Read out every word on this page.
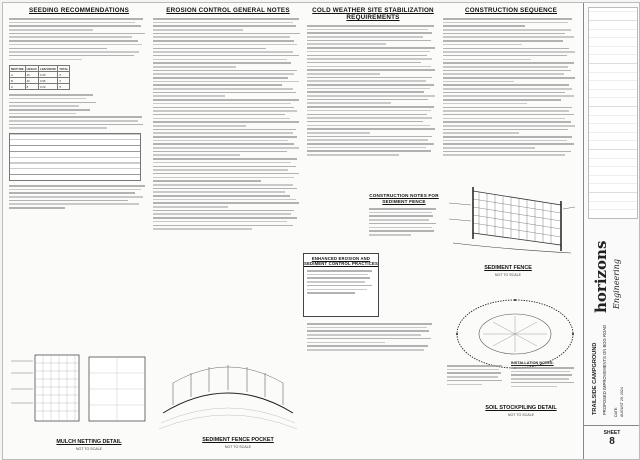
SEEDING RECOMMENDATIONS
MIXTURE	LBS/AC	LBS/1000SF	TOTAL
A	20	0.45	X
B	40	0.95	X
C	8	0.20	X
EROSION CONTROL GENERAL NOTES	COLD WEATHER SITE STABILIZATION REQUIREMENTS
CONSTRUCTION SEQUENCE
ENHANCED EROSION AND SEDIMENT CONTROL PRACTICES
CONSTRUCTION NOTES FOR SEDIMENT FENCE
SEDIMENT FENCE
NOT TO SCALE
INSTALLATION NOTES:
SOIL STOCKPILING DETAIL
NOT TO SCALE
MULCH NETTING DETAIL
NOT TO SCALE
SEDIMENT FENCE POCKET
NOT TO SCALE
horizons Engineering
TRAILSIDE CAMPGROUND PROPOSED IMPROVEMENTS ON BOG ROAD DATE: AUGUST 20, 2024
SHEET
8
